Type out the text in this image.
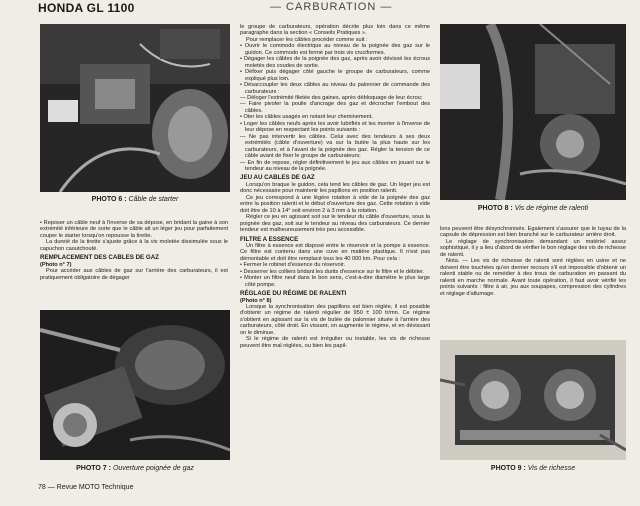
HONDA GL 1100	— CARBURATION —
PHOTO 6 : Câble de starter

• Reposer un câble neuf à l'inverse de sa dépose, en bridant la gaine à son extrémité inférieure de sorte que le câble ait un léger jeu pour parfaitement couper le starter lorsqu'on repousse la tirette.

La dureté de la tirette s'ajuste grâce à la vis moletée dissimulée sous le capuchon caoutchouté.

REMPLACEMENT DES CABLES DE GAZ

(Photo n° 7)

Pour accéder aux câbles de gaz sur l'arrière des carburateurs, il est pratiquement obligatoire de dégager

PHOTO 7 : Ouverture poignée de gaz

le groupe de carburateurs, opération décrite plus loin dans ce même paragraphe dans la section « Conseils Pratiques ».

Pour remplacer les câbles procéder comme suit :

• Ouvrir le commodo électrique au niveau de la poignée des gaz sur le guidon. Ce commodo est fermé par trois vis cruciformes.

• Dégager les câbles de la poignée des gaz, après avoir dévissé les écrous moletés des coudes de sortie.

• Défixer puis dégager côté gauche le groupe de carburateurs, comme expliqué plus loin.

• Désaccoupler les deux câbles au niveau du palonnier de commande des carburateurs :

— Déloger l'extrémité filetée des gaines, après débloquage de leur écrou;

— Faire pivoter la poulie d'ancrage des gaz et décrocher l'embout des câbles.

• Oter les câbles usagés en notant leur cheminement.

• Loger les câbles neufs après les avoir lubrifiés et les monter à l'inverse de leur dépose en respectant les points suivants :

— Ne pas intervertir les câbles. Celui avec des tendeurs à ses deux extrémités (câble d'ouverture) va sur la butée la plus haute sur les carburateurs, et à l'avant de la poignée des gaz. Régler la tension de ce câble avant de fixer le groupe de carburateurs;

— En fin de repose, régler définitivement le jeu aux câbles en jouant sur le tendeur au niveau de la poignée.

JEU AU CABLES DE GAZ

Lorsqu'on braque le guidon, cela tend les câbles de gaz. Un léger jeu est donc nécessaire pour maintenir les papillons en position ralenti.

Ce jeu correspond à une légère rotation à vide de la poignée des gaz entre la position ralenti et le début d'ouverture des gaz. Cette rotation à vide doit être de 10 à 14° soit environ 2 à 3 mm à la rotation.

Régler ce jeu en agissant soit sur le tendeur du câble d'ouverture, sous la poignée des gaz, soit sur le tendeur au niveau des carburateurs. Ce dernier tendeur est malheureusement très peu accessible.

FILTRE A ESSENCE

Un filtre à essence est disposé entre le réservoir et la pompe à essence. Ce filtre est contenu dans une cuve en matière plastique. Il n'est pas démontable et doit être remplacé tous les 40 000 km. Pour cela :

• Fermer le robinet d'essence du réservoir.

• Desserrer les colliers bridant les durits d'essence sur le filtre et le débiter.

• Monter un filtre neuf dans le bon sens, c'est-à-dire diamètre le plus large côté pompe.

RÉGLAGE DU RÉGIME DE RALENTI

(Photo n° 8)

Lorsque la synchronisation des papillons est bien réglée, il est possible d'obtenir un régime de ralenti régulier de 950 ± 100 tr/mn. Ce régime s'obtient en agissant sur la vis de butée de palonnier située à l'arrière des carburateurs, côté droit. En vissant, on augmente le régime, et en dévissant on le diminue.

Si le régime de ralenti est irrégulier ou instable, les vis de richesse peuvent être mal réglées, ou bien les papil-

PHOTO 8 : Vis de régime de ralenti

lons peuvent être désynchronisés. Egalement s'assurer que le tuyau de la capsule de dépression est bien branché sur le carburateur arrière droit.

Le réglage de synchronisation demandant un matériel assez sophistiqué, il y a lieu d'abord de vérifier le bon réglage des vis de richesse de ralenti.

Nota. — Les vis de richesse de ralenti sont réglées en usine et ne doivent être touchées qu'en dernier recours s'il est impossible d'obtenir un ralenti stable ou de remédier à des trous de carburation en passant du ralenti en marche normale. Avant toute opération, il faut avoir vérifié les points suivants : filtre à air, jeu aux soupapes, compression des cylindres et réglage d'allumage.

PHOTO 9 : Vis de richesse
78 — Revue MOTO Technique
